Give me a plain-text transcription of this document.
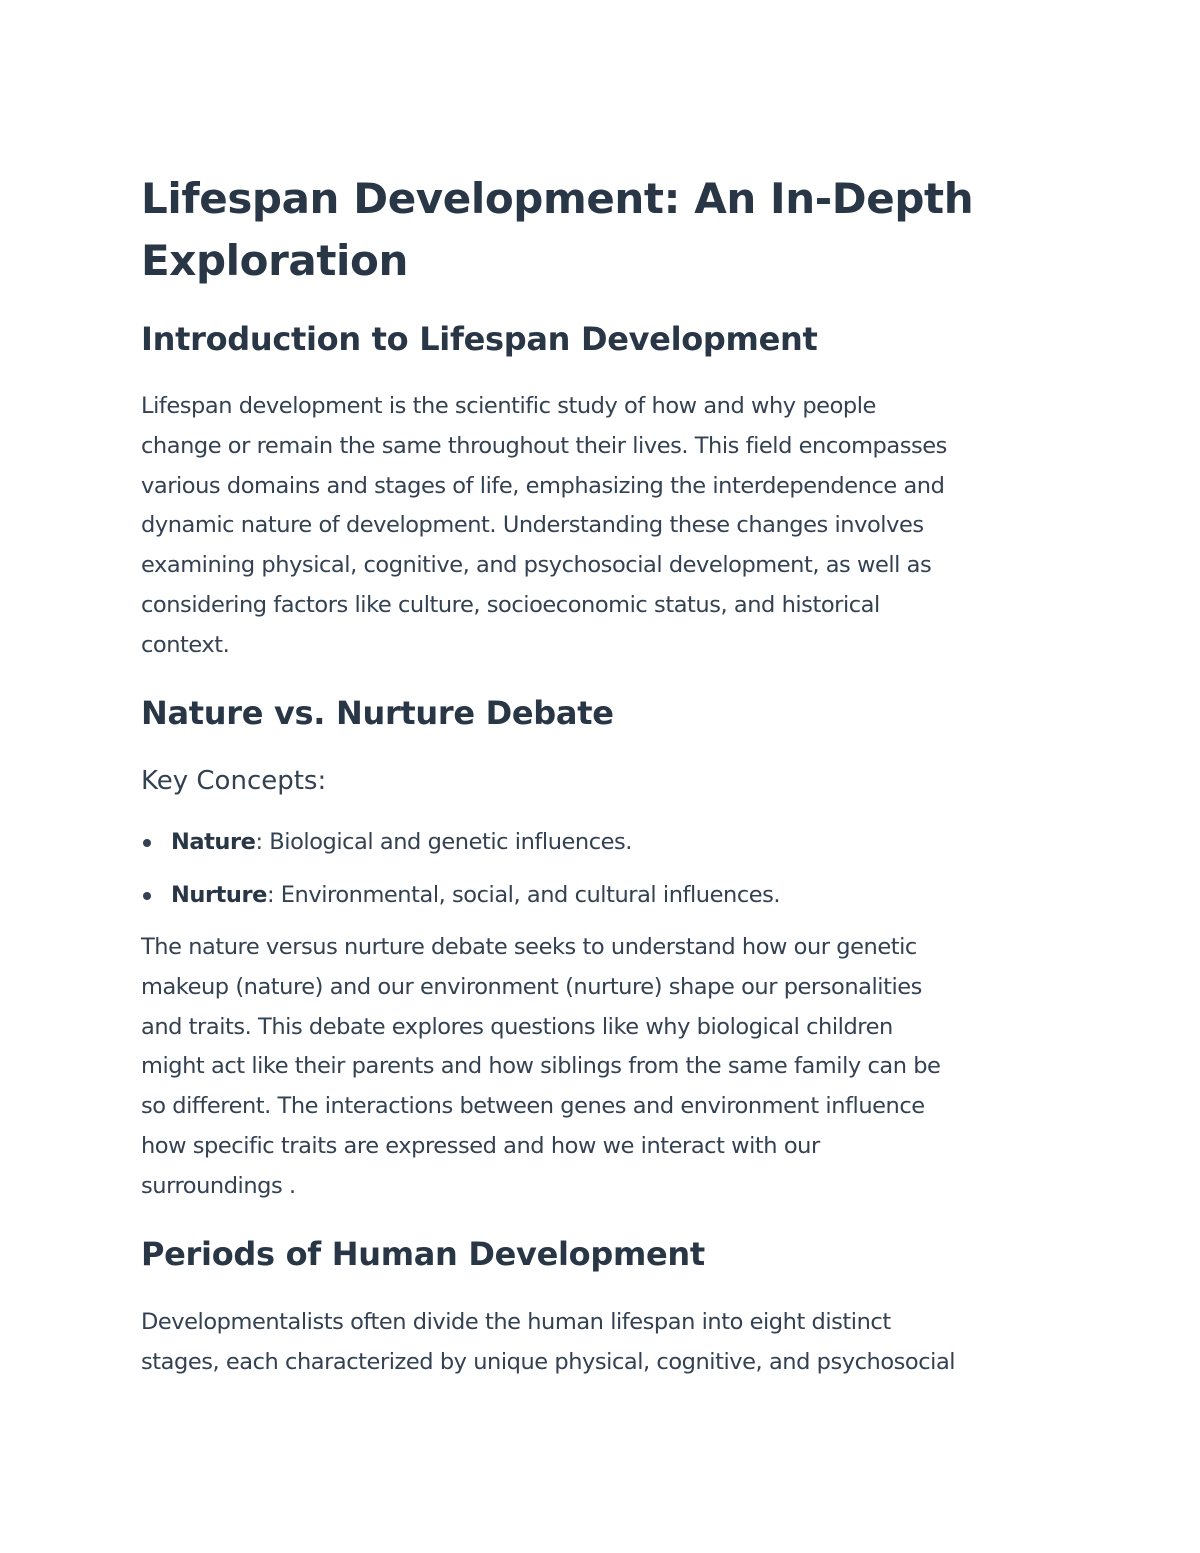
Lifespan Development: An In-Depth
Exploration
Introduction to Lifespan Development

Lifespan development is the scientific study of how and why people
change or remain the same throughout their lives. This field encompasses
various domains and stages of life, emphasizing the interdependence and
dynamic nature of development. Understanding these changes involves
examining physical, cognitive, and psychosocial development, as well as
considering factors like culture, socioeconomic status, and historical
context.

Nature vs. Nurture Debate
Key Concepts:
Nature: Biological and genetic influences.
Nurture: Environmental, social, and cultural influences.

The nature versus nurture debate seeks to understand how our genetic
makeup (nature) and our environment (nurture) shape our personalities
and traits. This debate explores questions like why biological children
might act like their parents and how siblings from the same family can be
so different. The interactions between genes and environment influence
how specific traits are expressed and how we interact with our
surroundings .

Periods of Human Development

Developmentalists often divide the human lifespan into eight distinct
stages, each characterized by unique physical, cognitive, and psychosocial
